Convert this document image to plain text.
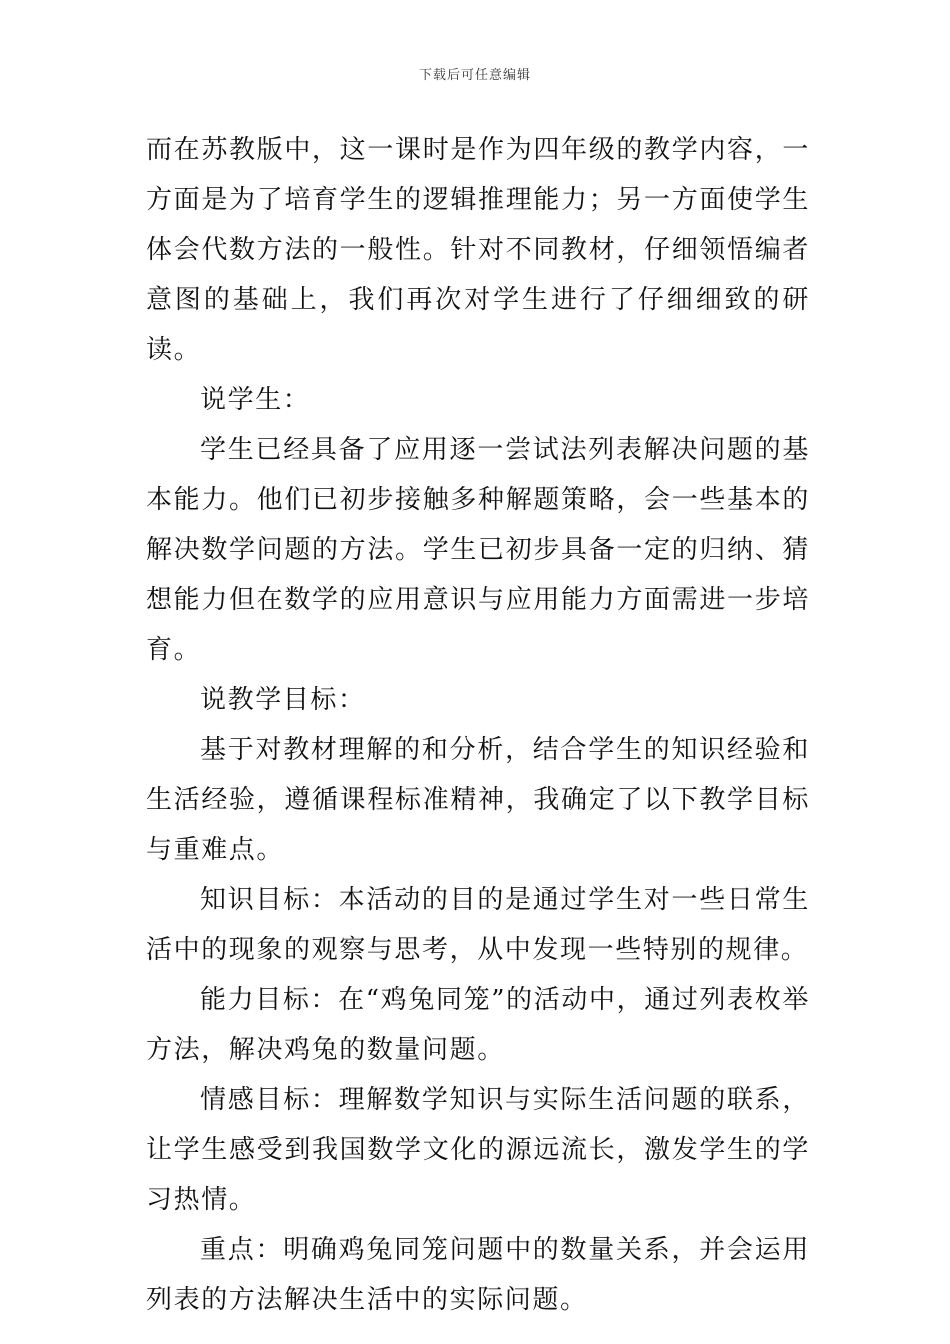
下载后可任意编辑

而在苏教版中，这一课时是作为四年级的教学内容，一方面是为了培育学生的逻辑推理能力；另一方面使学生体会代数方法的一般性。针对不同教材，仔细领悟编者意图的基础上，我们再次对学生进行了仔细细致的研读。

说学生：

学生已经具备了应用逐一尝试法列表解决问题的基本能力。他们已初步接触多种解题策略，会一些基本的解决数学问题的方法。学生已初步具备一定的归纳、猜想能力但在数学的应用意识与应用能力方面需进一步培育。

说教学目标：

基于对教材理解的和分析，结合学生的知识经验和生活经验，遵循课程标准精神，我确定了以下教学目标与重难点。

知识目标：本活动的目的是通过学生对一些日常生活中的现象的观察与思考，从中发现一些特别的规律。

能力目标：在“鸡兔同笼”的活动中，通过列表枚举方法，解决鸡兔的数量问题。

情感目标：理解数学知识与实际生活问题的联系，让学生感受到我国数学文化的源远流长，激发学生的学习热情。

重点：明确鸡兔同笼问题中的数量关系，并会运用列表的方法解决生活中的实际问题。
